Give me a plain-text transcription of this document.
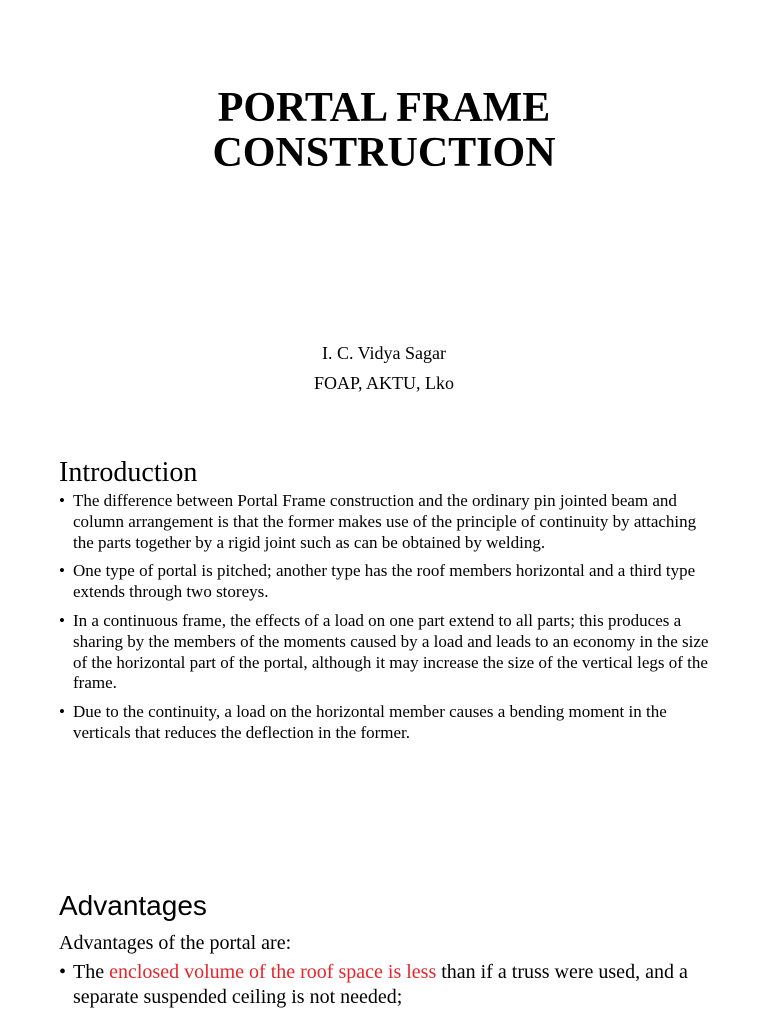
PORTAL FRAME
CONSTRUCTION
I. C. Vidya Sagar
FOAP, AKTU, Lko
Introduction
• The difference between Portal Frame construction and the ordinary pin jointed beam and column arrangement is that the former makes use of the principle of continuity by attaching the parts together by a rigid joint such as can be obtained by welding.
• One type of portal is pitched; another type has the roof members horizontal and a third type extends through two storeys.
• In a continuous frame, the effects of a load on one part extend to all parts; this produces a sharing by the members of the moments caused by a load and leads to an economy in the size of the horizontal part of the portal, although it may increase the size of the vertical legs of the frame.
• Due to the continuity, a load on the horizontal member causes a bending moment in the verticals that reduces the deflection in the former.
Advantages

Advantages of the portal are:

• The enclosed volume of the roof space is less than if a truss were used, and a separate suspended ceiling is not needed;
